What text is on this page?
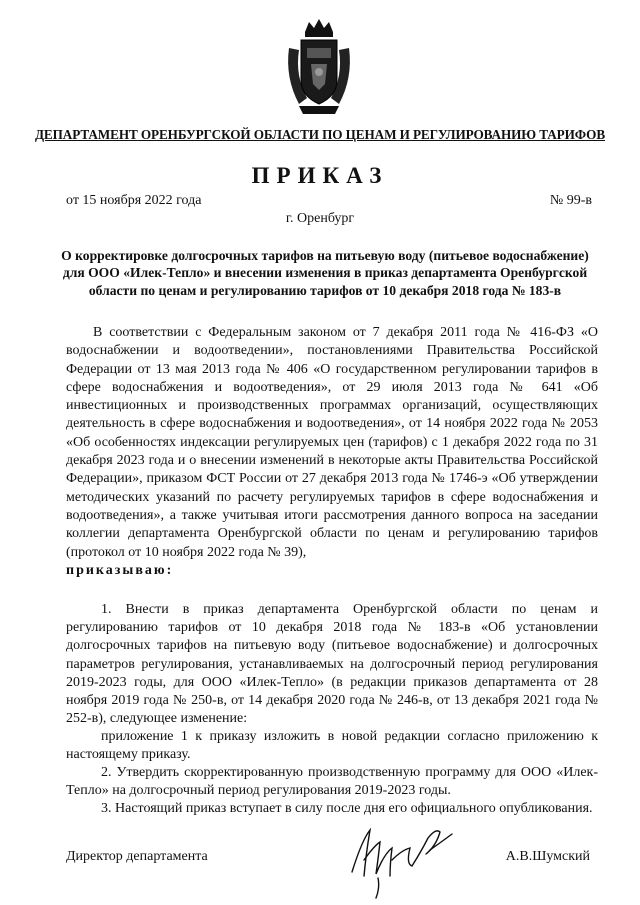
ДЕПАРТАМЕНТ ОРЕНБУРГСКОЙ ОБЛАСТИ ПО ЦЕНАМ И РЕГУЛИРОВАНИЮ ТАРИФОВ
ПРИКАЗ
от 15 ноября 2022 года	№ 99-в
г. Оренбург
О корректировке долгосрочных тарифов на питьевую воду (питьевое водоснабжение) для ООО «Илек-Тепло» и внесении изменения в приказ департамента Оренбургской области по ценам и регулированию тарифов от 10 декабря 2018 года № 183-в
В соответствии с Федеральным законом от 7 декабря 2011 года № 416-ФЗ «О водоснабжении и водоотведении», постановлениями Правительства Российской Федерации от 13 мая 2013 года № 406 «О государственном регулировании тарифов в сфере водоснабжения и водоотведения», от 29 июля 2013 года № 641 «Об инвестиционных и производственных программах организаций, осуществляющих деятельность в сфере водоснабжения и водоотведения», от 14 ноября 2022 года № 2053 «Об особенностях индексации регулируемых цен (тарифов) с 1 декабря 2022 года по 31 декабря 2023 года и о внесении изменений в некоторые акты Правительства Российской Федерации», приказом ФСТ России от 27 декабря 2013 года № 1746-э «Об утверждении методических указаний по расчету регулируемых тарифов в сфере водоснабжения и водоотведения», а также учитывая итоги рассмотрения данного вопроса на заседании коллегии департамента Оренбургской области по ценам и регулированию тарифов (протокол от 10 ноября 2022 года № 39),
приказываю:
1. Внести в приказ департамента Оренбургской области по ценам и регулированию тарифов от 10 декабря 2018 года № 183-в «Об установлении долгосрочных тарифов на питьевую воду (питьевое водоснабжение) и долгосрочных параметров регулирования, устанавливаемых на долгосрочный период регулирования 2019-2023 годы, для ООО «Илек-Тепло» (в редакции приказов департамента от 28 ноября 2019 года № 250-в, от 14 декабря 2020 года № 246-в, от 13 декабря 2021 года № 252-в), следующее изменение:
приложение 1 к приказу изложить в новой редакции согласно приложению к настоящему приказу.
2. Утвердить скорректированную производственную программу для ООО «Илек-Тепло» на долгосрочный период регулирования 2019-2023 годы.
3. Настоящий приказ вступает в силу после дня его официального опубликования.
Директор департамента	А.В.Шумский
